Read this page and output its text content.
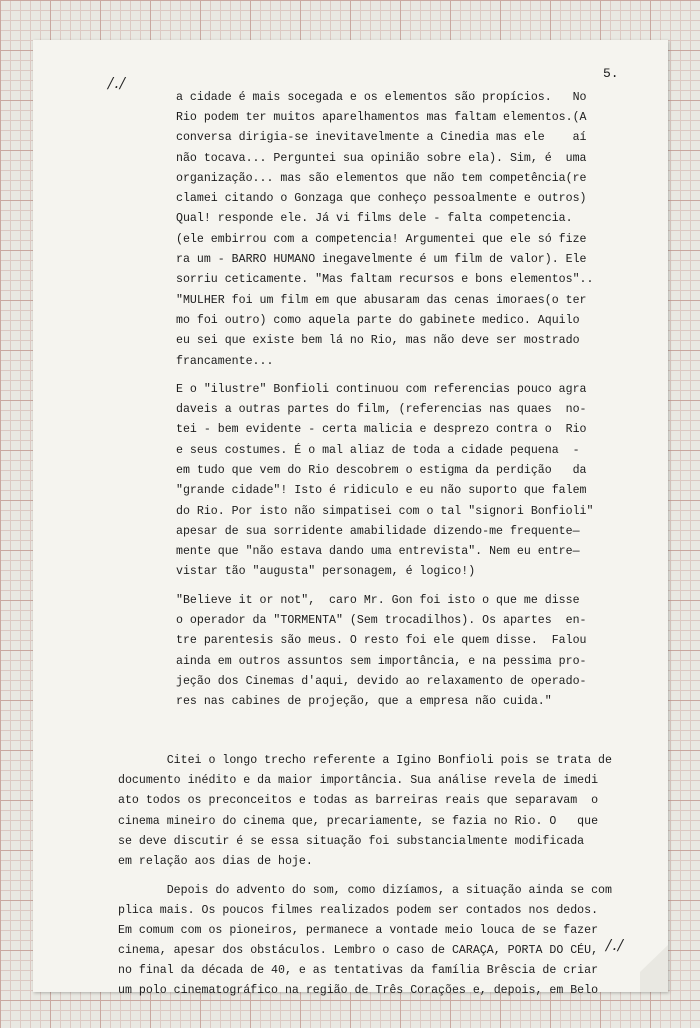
/./
5.

a cidade é mais socegada e os elementos são propícios.   No

Rio podem ter muitos aparelhamentos mas faltam elementos.(A

conversa dirigia-se inevitavelmente a Cinedia mas ele    aí

não tocava... Perguntei sua opinião sobre ela). Sim, é  uma

organização... mas são elementos que não tem competência(re

clamei citando o Gonzaga que conheço pessoalmente e outros)

Qual! responde ele. Já vi films dele - falta competencia.

(ele embirrou com a competencia! Argumentei que ele só fize

ra um - BARRO HUMANO inegavelmente é um film de valor). Ele

sorriu ceticamente. "Mas faltam recursos e bons elementos"..

"MULHER foi um film em que abusaram das cenas imoraes(o ter

mo foi outro) como aquela parte do gabinete medico. Aquilo

eu sei que existe bem lá no Rio, mas não deve ser mostrado

francamente...

E o "ilustre" Bonfioli continuou com referencias pouco agra

daveis a outras partes do film, (referencias nas quaes  no-

tei - bem evidente - certa malicia e desprezo contra o  Rio

e seus costumes. É o mal aliaz de toda a cidade pequena  -

em tudo que vem do Rio descobrem o estigma da perdição   da

"grande cidade"! Isto é ridiculo e eu não suporto que falem

do Rio. Por isto não simpatisei com o tal "signori Bonfioli"

apesar de sua sorridente amabilidade dizendo-me frequente—

mente que "não estava dando uma entrevista". Nem eu entre—

vistar tão "augusta" personagem, é logico!)

"Believe it or not",  caro Mr. Gon foi isto o que me disse

o operador da "TORMENTA" (Sem trocadilhos). Os apartes  en-

tre parentesis são meus. O resto foi ele quem disse.  Falou

ainda em outros assuntos sem importância, e na pessima pro-

jeção dos Cinemas d'aqui, devido ao relaxamento de operado-

res nas cabines de projeção, que a empresa não cuida."

Citei o longo trecho referente a Igino Bonfioli pois se trata de

documento inédito e da maior importância. Sua análise revela de imedi

ato todos os preconceitos e todas as barreiras reais que separavam  o

cinema mineiro do cinema que, precariamente, se fazia no Rio. O   que

se deve discutir é se essa situação foi substancialmente modificada

em relação aos dias de hoje.

Depois do advento do som, como dizíamos, a situação ainda se com

plica mais. Os poucos filmes realizados podem ser contados nos dedos.

Em comum com os pioneiros, permanece a vontade meio louca de se fazer

cinema, apesar dos obstáculos. Lembro o caso de CARAÇA, PORTA DO CÉU,

no final da década de 40, e as tentativas da família Brêscia de criar

um polo cinematográfico na região de Três Corações e, depois, em Belo

/./
